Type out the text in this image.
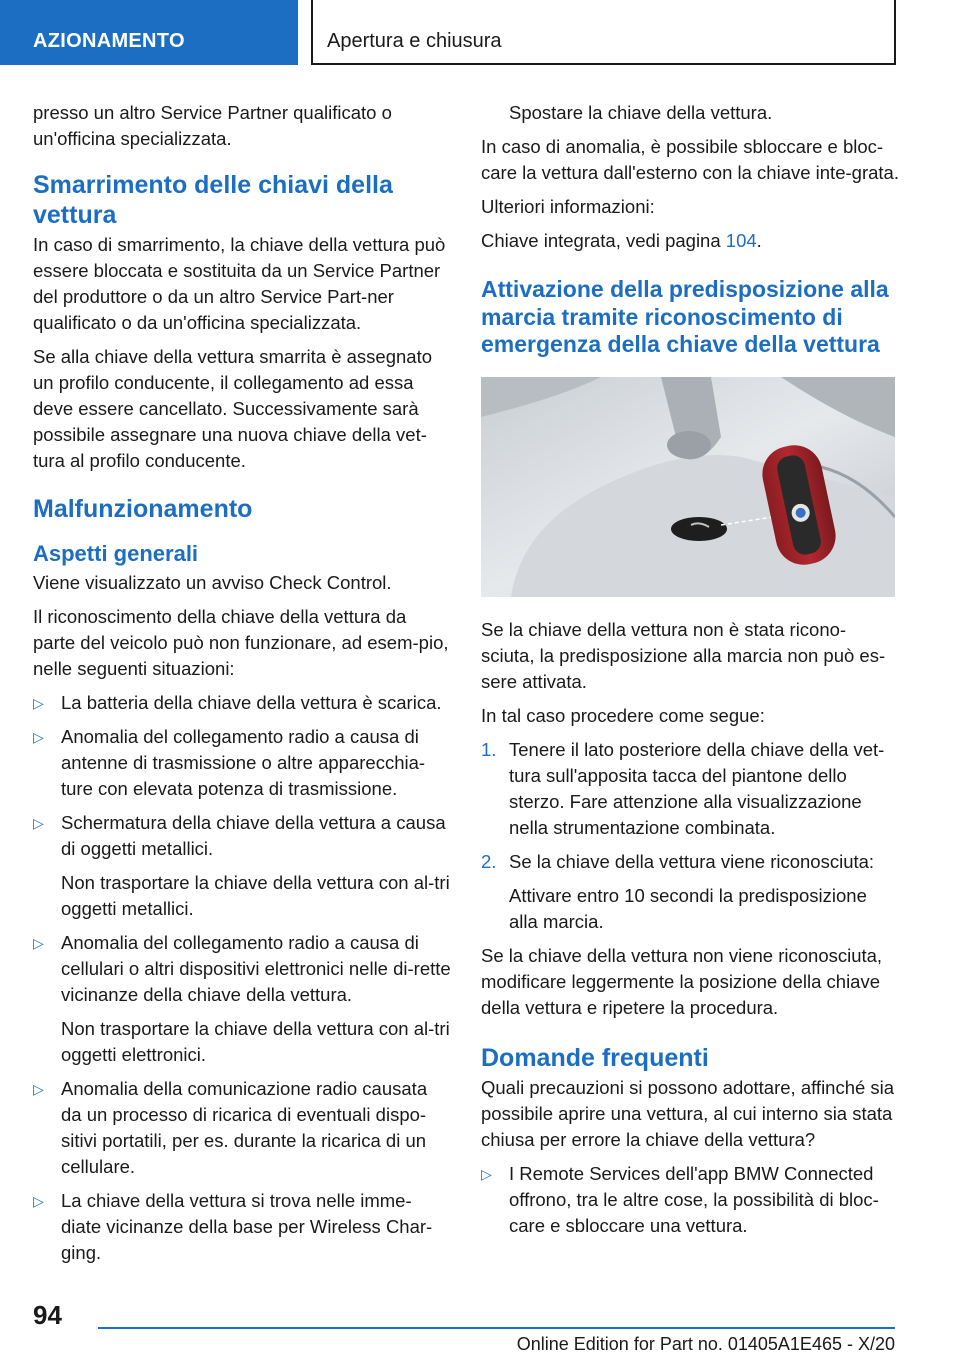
AZIONAMENTO	Apertura e chiusura

presso un altro Service Partner qualificato o un'officina specializzata.

Smarrimento delle chiavi della vettura

In caso di smarrimento, la chiave della vettura può essere bloccata e sostituita da un Service Partner del produttore o da un altro Service Part-ner qualificato o da un'officina specializzata.

Se alla chiave della vettura smarrita è assegnato un profilo conducente, il collegamento ad essa deve essere cancellato. Successivamente sarà possibile assegnare una nuova chiave della vet-tura al profilo conducente.

Malfunzionamento
Aspetti generali

Viene visualizzato un avviso Check Control.

Il riconoscimento della chiave della vettura da parte del veicolo può non funzionare, ad esem-pio, nelle seguenti situazioni:

▷ La batteria della chiave della vettura è scarica.
▷ Anomalia del collegamento radio a causa di antenne di trasmissione o altre apparecchia-ture con elevata potenza di trasmissione.
▷ Schermatura della chiave della vettura a causa di oggetti metallici.
Non trasportare la chiave della vettura con al-tri oggetti metallici.
▷ Anomalia del collegamento radio a causa di cellulari o altri dispositivi elettronici nelle di-rette vicinanze della chiave della vettura.
Non trasportare la chiave della vettura con al-tri oggetti elettronici.
▷ Anomalia della comunicazione radio causata da un processo di ricarica di eventuali dispo-sitivi portatili, per es. durante la ricarica di un cellulare.
▷ La chiave della vettura si trova nelle imme-diate vicinanze della base per Wireless Char-ging.

Spostare la chiave della vettura.

In caso di anomalia, è possibile sbloccare e bloc-care la vettura dall'esterno con la chiave inte-grata.

Ulteriori informazioni:

Chiave integrata, vedi pagina 104.

Attivazione della predisposizione alla marcia tramite riconoscimento di emergenza della chiave della vettura

Se la chiave della vettura non è stata ricono-sciuta, la predisposizione alla marcia non può es-sere attivata.

In tal caso procedere come segue:

1. Tenere il lato posteriore della chiave della vet-tura sull'apposita tacca del piantone dello sterzo. Fare attenzione alla visualizzazione nella strumentazione combinata.
2. Se la chiave della vettura viene riconosciuta:
Attivare entro 10 secondi la predisposizione alla marcia.

Se la chiave della vettura non viene riconosciuta, modificare leggermente la posizione della chiave della vettura e ripetere la procedura.

Domande frequenti

Quali precauzioni si possono adottare, affinché sia possibile aprire una vettura, al cui interno sia stata chiusa per errore la chiave della vettura?

▷ I Remote Services dell'app BMW Connected offrono, tra le altre cose, la possibilità di bloc-care e sbloccare una vettura.
94
Online Edition for Part no. 01405A1E465 - X/20
